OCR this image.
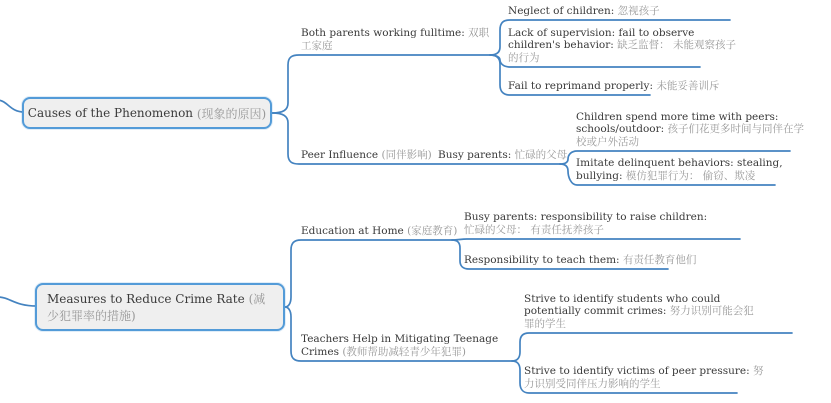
Causes of the Phenomenon
(现象的原因)
Measures to Reduce Crime Rate (减少犯罪率的措施)
Both parents working fulltime: 双职工家庭
Neglect of children: 忽视孩子
Lack of supervision: fail to observe children's behavior: 缺乏监督： 未能观察孩子的行为
Fail to reprimand properly: 未能妥善训斥
Peer Influence (同伴影响) Busy parents: 忙碌的父母
Children spend more time with peers: schools/outdoor: 孩子们花更多时间与同伴在学校或户外活动
Imitate delinquent behaviors: stealing, bullying: 模仿犯罪行为： 偷窃、欺凌
Education at Home (家庭教育)
Busy parents: responsibility to raise children: 忙碌的父母： 有责任抚养孩子
Responsibility to teach them: 有责任教育他们
Teachers Help in Mitigating Teenage Crimes (教师帮助减轻青少年犯罪)
Strive to identify students who could potentially commit crimes: 努力识别可能会犯罪的学生
Strive to identify victims of peer pressure: 努力识别受同伴压力影响的学生
